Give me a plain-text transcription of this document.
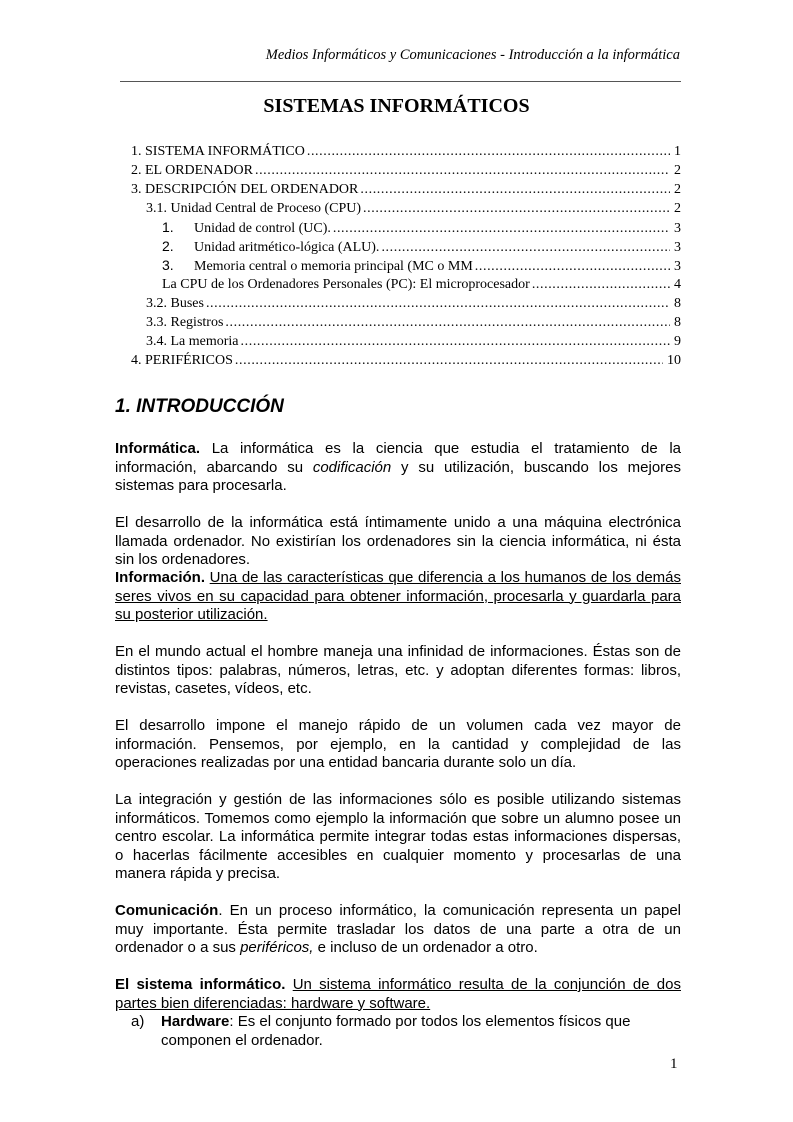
Medios Informáticos y Comunicaciones - Introducción a la informática
SISTEMAS INFORMÁTICOS
1. SISTEMA INFORMÁTICO .....	1
2. EL ORDENADOR .....	2
3. DESCRIPCIÓN DEL ORDENADOR .....	2
3.1. Unidad Central de Proceso (CPU) .....	2
1.	Unidad de control (UC). .....	3
2.	Unidad aritmético-lógica (ALU). .....	3
3.	Memoria central o memoria principal (MC o MM .....	3
La CPU de los Ordenadores Personales (PC): El microprocesador .....	4
3.2. Buses .....	8
3.3. Registros .....	8
3.4. La memoria .....	9
4. PERIFÉRICOS .....	10
1. INTRODUCCIÓN
Informática. La informática es la ciencia que estudia el tratamiento de la información, abarcando su codificación y su utilización, buscando los mejores sistemas para procesarla.
El desarrollo de la informática está íntimamente unido a una máquina electrónica llamada ordenador. No existirían los ordenadores sin la ciencia informática, ni ésta sin los ordenadores.
Información. Una de las características que diferencia a los humanos de los demás seres vivos en su capacidad para obtener información, procesarla y guardarla para su posterior utilización.
En el mundo actual el hombre maneja una infinidad de informaciones. Éstas son de distintos tipos: palabras, números, letras, etc. y adoptan diferentes formas: libros, revistas, casetes, vídeos, etc.
El desarrollo impone el manejo rápido de un volumen cada vez mayor de información. Pensemos, por ejemplo, en la cantidad y complejidad de las operaciones realizadas por una entidad bancaria durante solo un día.
La integración y gestión de las informaciones sólo es posible utilizando sistemas informáticos. Tomemos como ejemplo la información que sobre un alumno posee un centro escolar. La informática permite integrar todas estas informaciones dispersas, o hacerlas fácilmente accesibles en cualquier momento y procesarlas de una manera rápida y precisa.
Comunicación. En un proceso informático, la comunicación representa un papel muy importante. Ésta permite trasladar los datos de una parte a otra de un ordenador o a sus periféricos, e incluso de un ordenador a otro.
El sistema informático. Un sistema informático resulta de la conjunción de dos partes bien diferenciadas: hardware y software.
a) Hardware: Es el conjunto formado por todos los elementos físicos que
componen el ordenador.
1
